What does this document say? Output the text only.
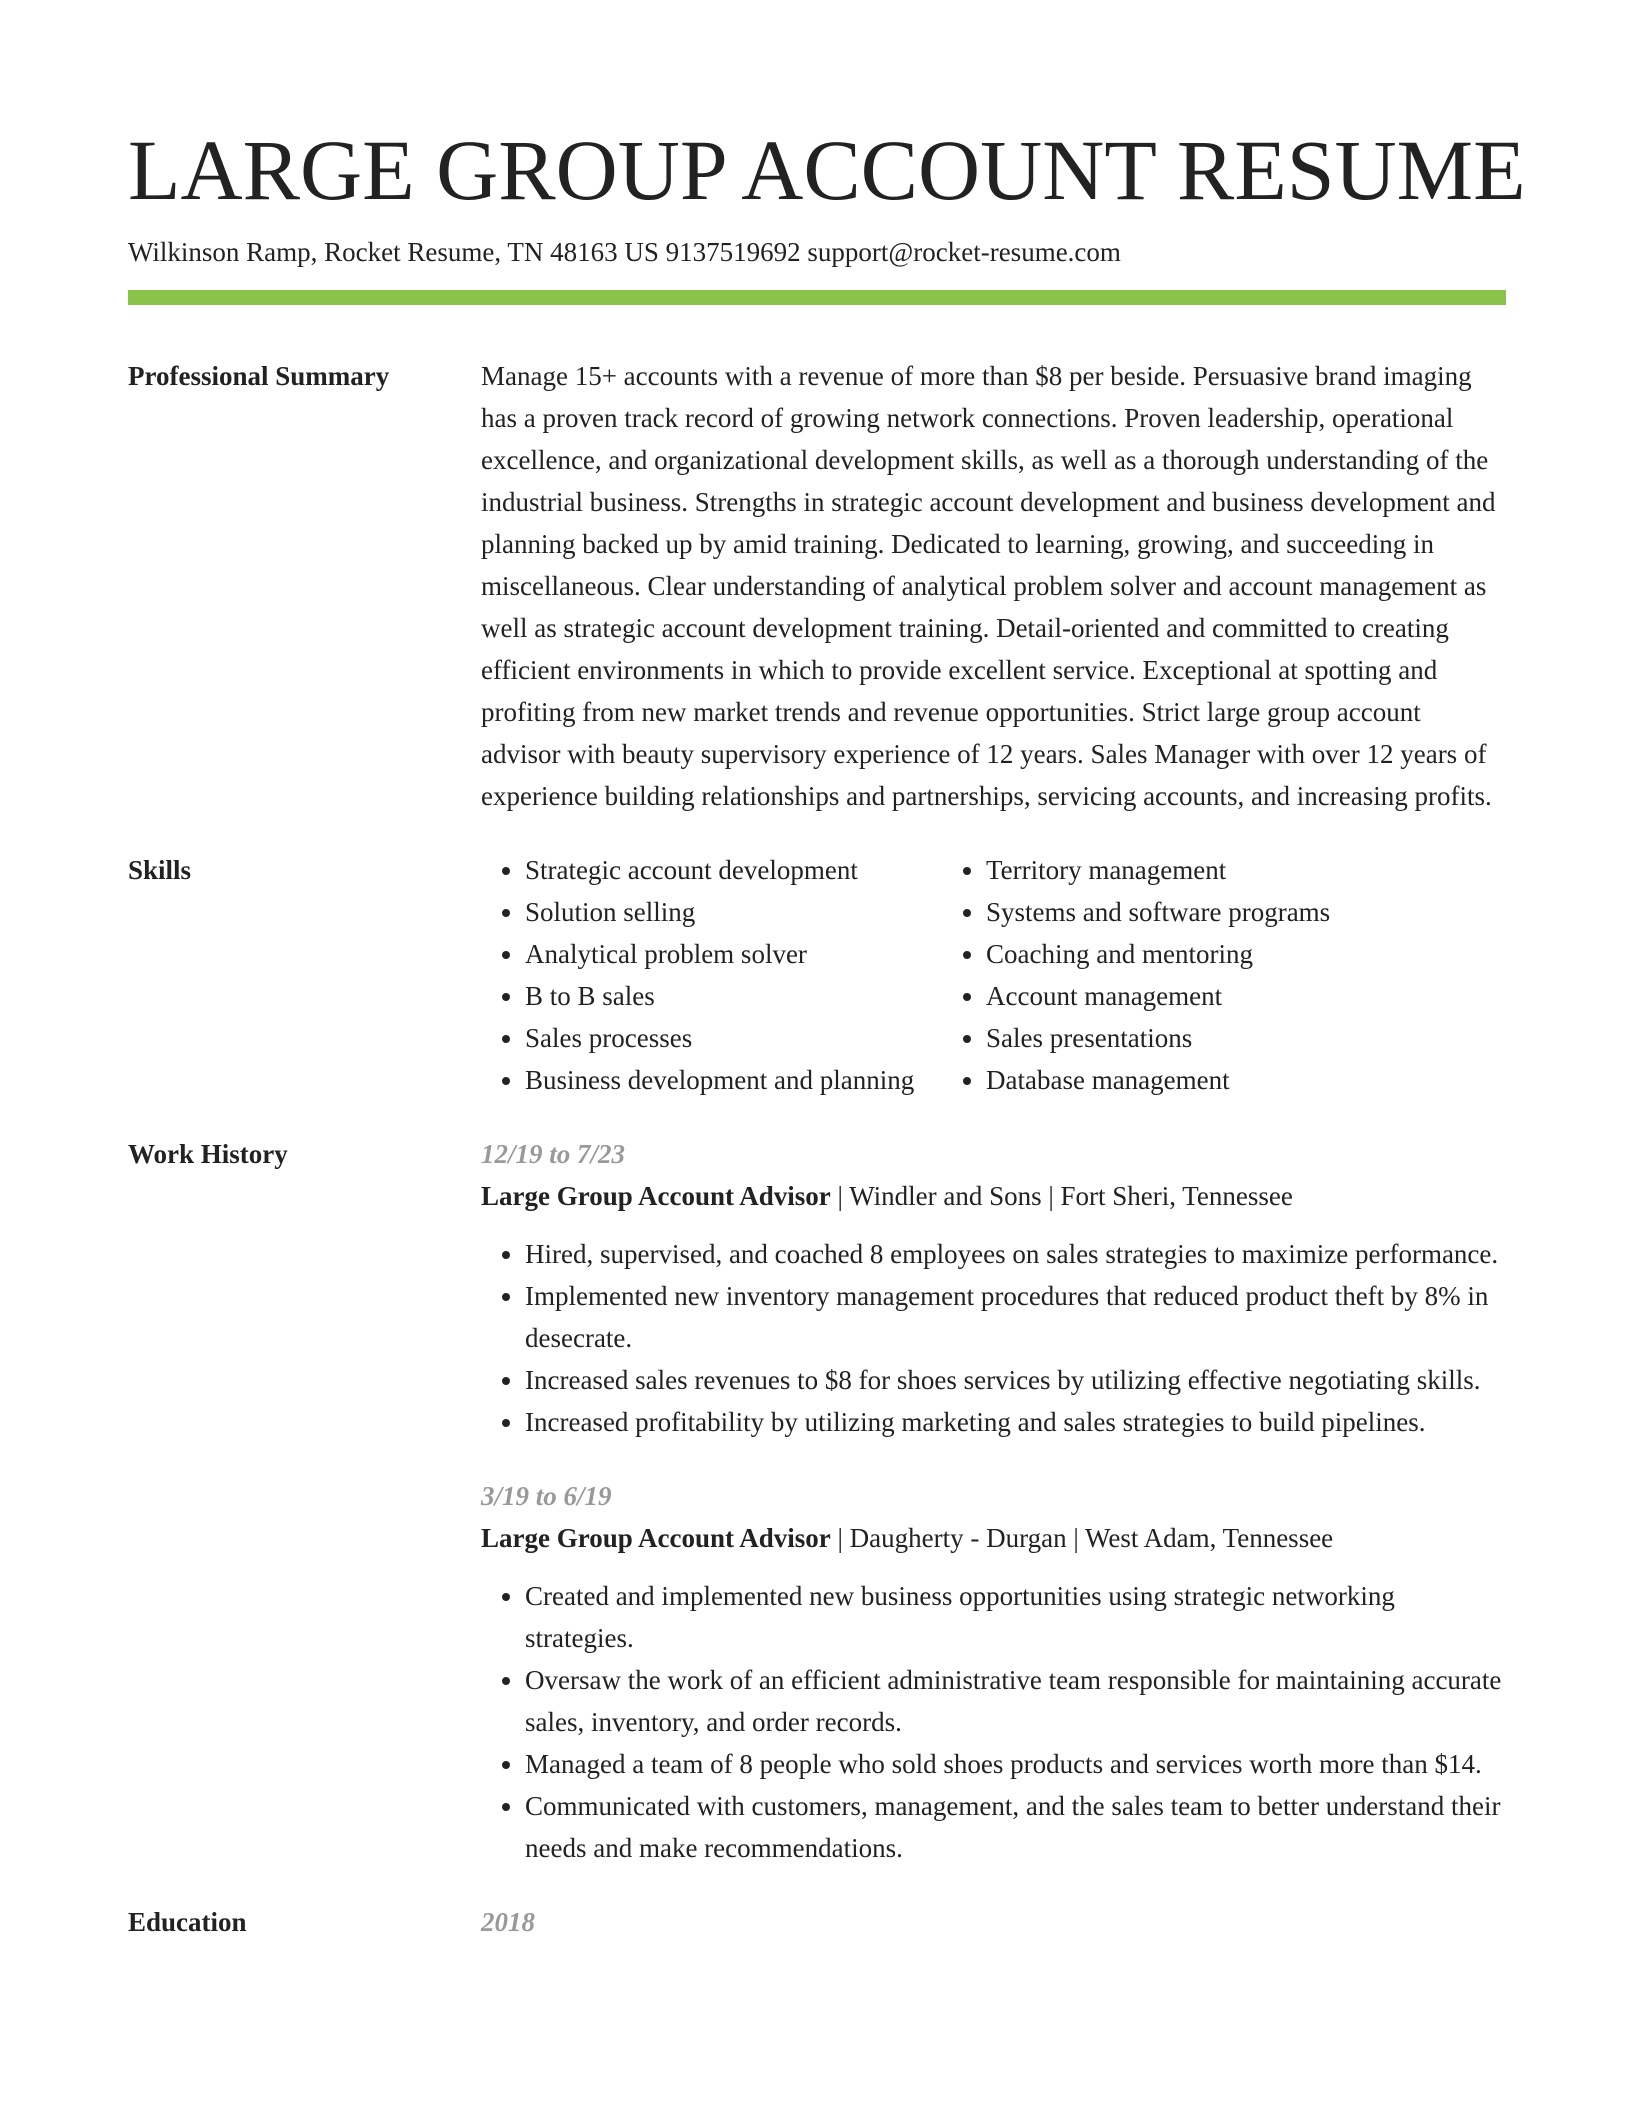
LARGE GROUP ACCOUNT RESUME
Wilkinson Ramp, Rocket Resume, TN 48163 US 9137519692 support@rocket-resume.com
Professional Summary	Manage 15+ accounts with a revenue of more than $8 per beside. Persuasive brand imaging has a proven track record of growing network connections. Proven leadership, operational excellence, and organizational development skills, as well as a thorough understanding of the industrial business. Strengths in strategic account development and business development and planning backed up by amid training. Dedicated to learning, growing, and succeeding in miscellaneous. Clear understanding of analytical problem solver and account management as well as strategic account development training. Detail-oriented and committed to creating efficient environments in which to provide excellent service. Exceptional at spotting and profiting from new market trends and revenue opportunities. Strict large group account advisor with beauty supervisory experience of 12 years. Sales Manager with over 12 years of experience building relationships and partnerships, servicing accounts, and increasing profits.

Skills
•	Strategic account development
• Solution selling
• Analytical problem solver
• B to B sales
• Sales processes
• Business development and planning
• Territory management
• Systems and software programs
• Coaching and mentoring
• Account management
• Sales presentations
• Database management
Work History	12/19 to 7/23
Large Group Account Advisor | Windler and Sons | Fort Sheri, Tennessee
• Hired, supervised, and coached 8 employees on sales strategies to maximize performance.
• Implemented new inventory management procedures that reduced product theft by 8% in desecrate.
• Increased sales revenues to $8 for shoes services by utilizing effective negotiating skills.
• Increased profitability by utilizing marketing and sales strategies to build pipelines.
3/19 to 6/19
Large Group Account Advisor | Daugherty - Durgan | West Adam, Tennessee
• Created and implemented new business opportunities using strategic networking strategies.
• Oversaw the work of an efficient administrative team responsible for maintaining accurate sales, inventory, and order records.
• Managed a team of 8 people who sold shoes products and services worth more than $14.
• Communicated with customers, management, and the sales team to better understand their needs and make recommendations.
Education	2018
